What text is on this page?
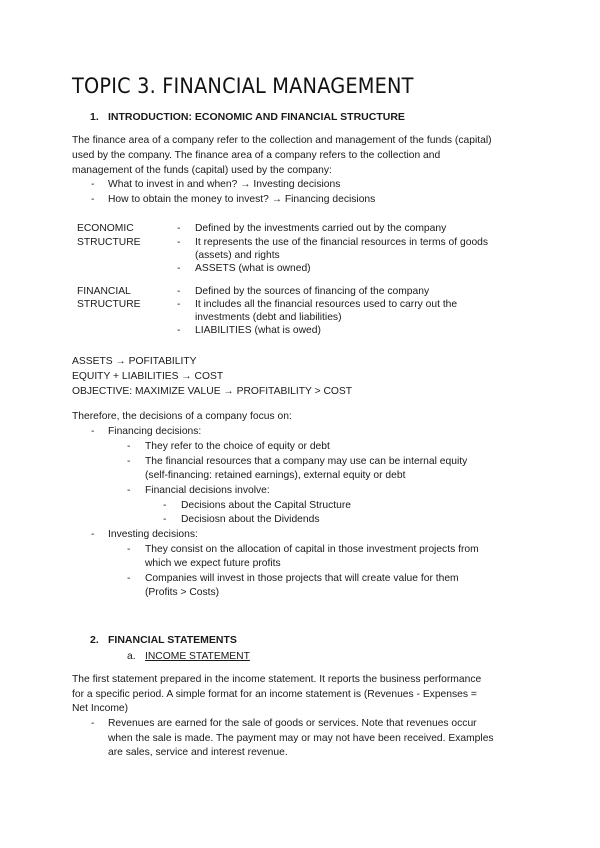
TOPIC 3. FINANCIAL MANAGEMENT
1. INTRODUCTION: ECONOMIC AND FINANCIAL STRUCTURE
The finance area of a company refer to the collection and management of the funds (capital)
used by the company. The finance area of a company refers to the collection and
management of the funds (capital) used by the company:
- What to invest in and when? → Investing decisions
- How to obtain the money to invest? → Financing decisions
ECONOMIC
STRUCTURE
- Defined by the investments carried out by the company
- It represents the use of the financial resources in terms of goods
(assets) and rights
- ASSETS (what is owned)
FINANCIAL
STRUCTURE
- Defined by the sources of financing of the company
- It includes all the financial resources used to carry out the
investments (debt and liabilities)
- LIABILITIES (what is owed)
ASSETS → POFITABILITY
EQUITY + LIABILITIES → COST
OBJECTIVE: MAXIMIZE VALUE → PROFITABILITY > COST
Therefore, the decisions of a company focus on:
- Financing decisions:
- They refer to the choice of equity or debt
- The financial resources that a company may use can be internal equity
(self-financing: retained earnings), external equity or debt
- Financial decisions involve:
- Decisions about the Capital Structure
- Decisiosn about the Dividends
- Investing decisions:
- They consist on the allocation of capital in those investment projects from
which we expect future profits
- Companies will invest in those projects that will create value for them
(Profits > Costs)
2. FINANCIAL STATEMENTS
a. INCOME STATEMENT
The first statement prepared in the income statement. It reports the business performance
for a specific period. A simple format for an income statement is (Revenues - Expenses =
Net Income)
- Revenues are earned for the sale of goods or services. Note that revenues occur
when the sale is made. The payment may or may not have been received. Examples
are sales, service and interest revenue.
